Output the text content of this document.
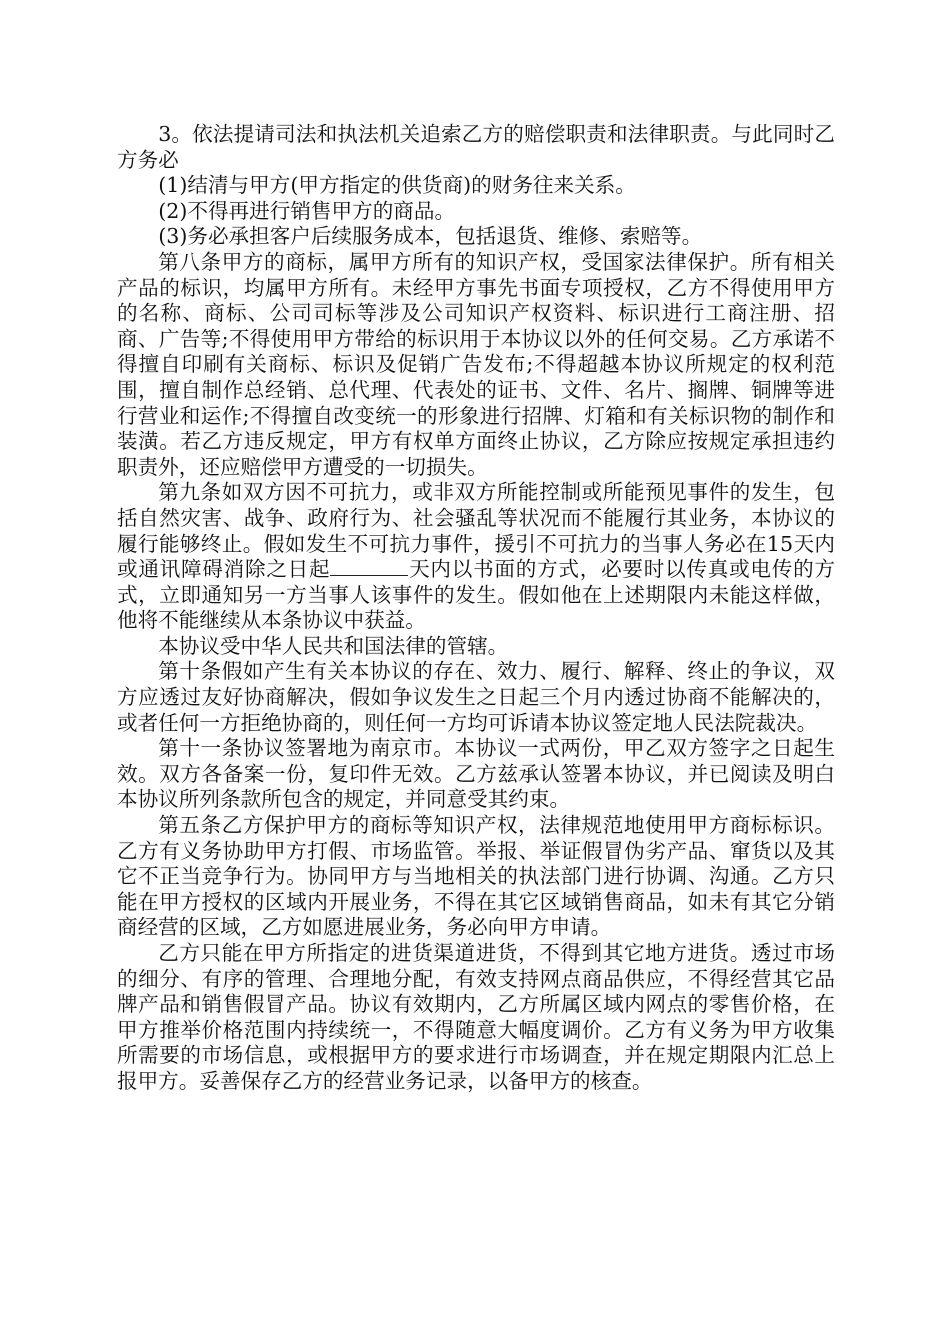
3。依法提请司法和执法机关追索乙方的赔偿职责和法律职责。与此同时乙方务必

(1)结清与甲方(甲方指定的供货商)的财务往来关系。

(2)不得再进行销售甲方的商品。

(3)务必承担客户后续服务成本，包括退货、维修、索赔等。

第八条甲方的商标，属甲方所有的知识产权，受国家法律保护。所有相关产品的标识，均属甲方所有。未经甲方事先书面专项授权，乙方不得使用甲方的名称、商标、公司司标等涉及公司知识产权资料、标识进行工商注册、招商、广告等;不得使用甲方带给的标识用于本协议以外的任何交易。乙方承诺不得擅自印刷有关商标、标识及促销广告发布;不得超越本协议所规定的权利范围，擅自制作总经销、总代理、代表处的证书、文件、名片、搁牌、铜牌等进行营业和运作;不得擅自改变统一的形象进行招牌、灯箱和有关标识物的制作和装潢。若乙方违反规定，甲方有权单方面终止协议，乙方除应按规定承担违约职责外，还应赔偿甲方遭受的一切损失。

第九条如双方因不可抗力，或非双方所能控制或所能预见事件的发生，包括自然灾害、战争、政府行为、社会骚乱等状况而不能履行其业务，本协议的履行能够终止。假如发生不可抗力事件，援引不可抗力的当事人务必在15天内或通讯障碍消除之日起	天内以书面的方式，必要时以传真或电传的方式，立即通知另一方当事人该事件的发生。假如他在上述期限内未能这样做，他将不能继续从本条协议中获益。

本协议受中华人民共和国法律的管辖。

第十条假如产生有关本协议的存在、效力、履行、解释、终止的争议，双方应透过友好协商解决，假如争议发生之日起三个月内透过协商不能解决的，或者任何一方拒绝协商的，则任何一方均可诉请本协议签定地人民法院裁决。

第十一条协议签署地为南京市。本协议一式两份，甲乙双方签字之日起生效。双方各备案一份，复印件无效。乙方兹承认签署本协议，并已阅读及明白本协议所列条款所包含的规定，并同意受其约束。

第五条乙方保护甲方的商标等知识产权，法律规范地使用甲方商标标识。乙方有义务协助甲方打假、市场监管。举报、举证假冒伪劣产品、窜货以及其它不正当竞争行为。协同甲方与当地相关的执法部门进行协调、沟通。乙方只能在甲方授权的区域内开展业务，不得在其它区域销售商品，如未有其它分销商经营的区域，乙方如愿进展业务，务必向甲方申请。

乙方只能在甲方所指定的进货渠道进货，不得到其它地方进货。透过市场的细分、有序的管理、合理地分配，有效支持网点商品供应，不得经营其它品牌产品和销售假冒产品。协议有效期内，乙方所属区域内网点的零售价格，在甲方推举价格范围内持续统一，不得随意大幅度调价。乙方有义务为甲方收集所需要的市场信息，或根据甲方的要求进行市场调查，并在规定期限内汇总上报甲方。妥善保存乙方的经营业务记录，以备甲方的核查。
